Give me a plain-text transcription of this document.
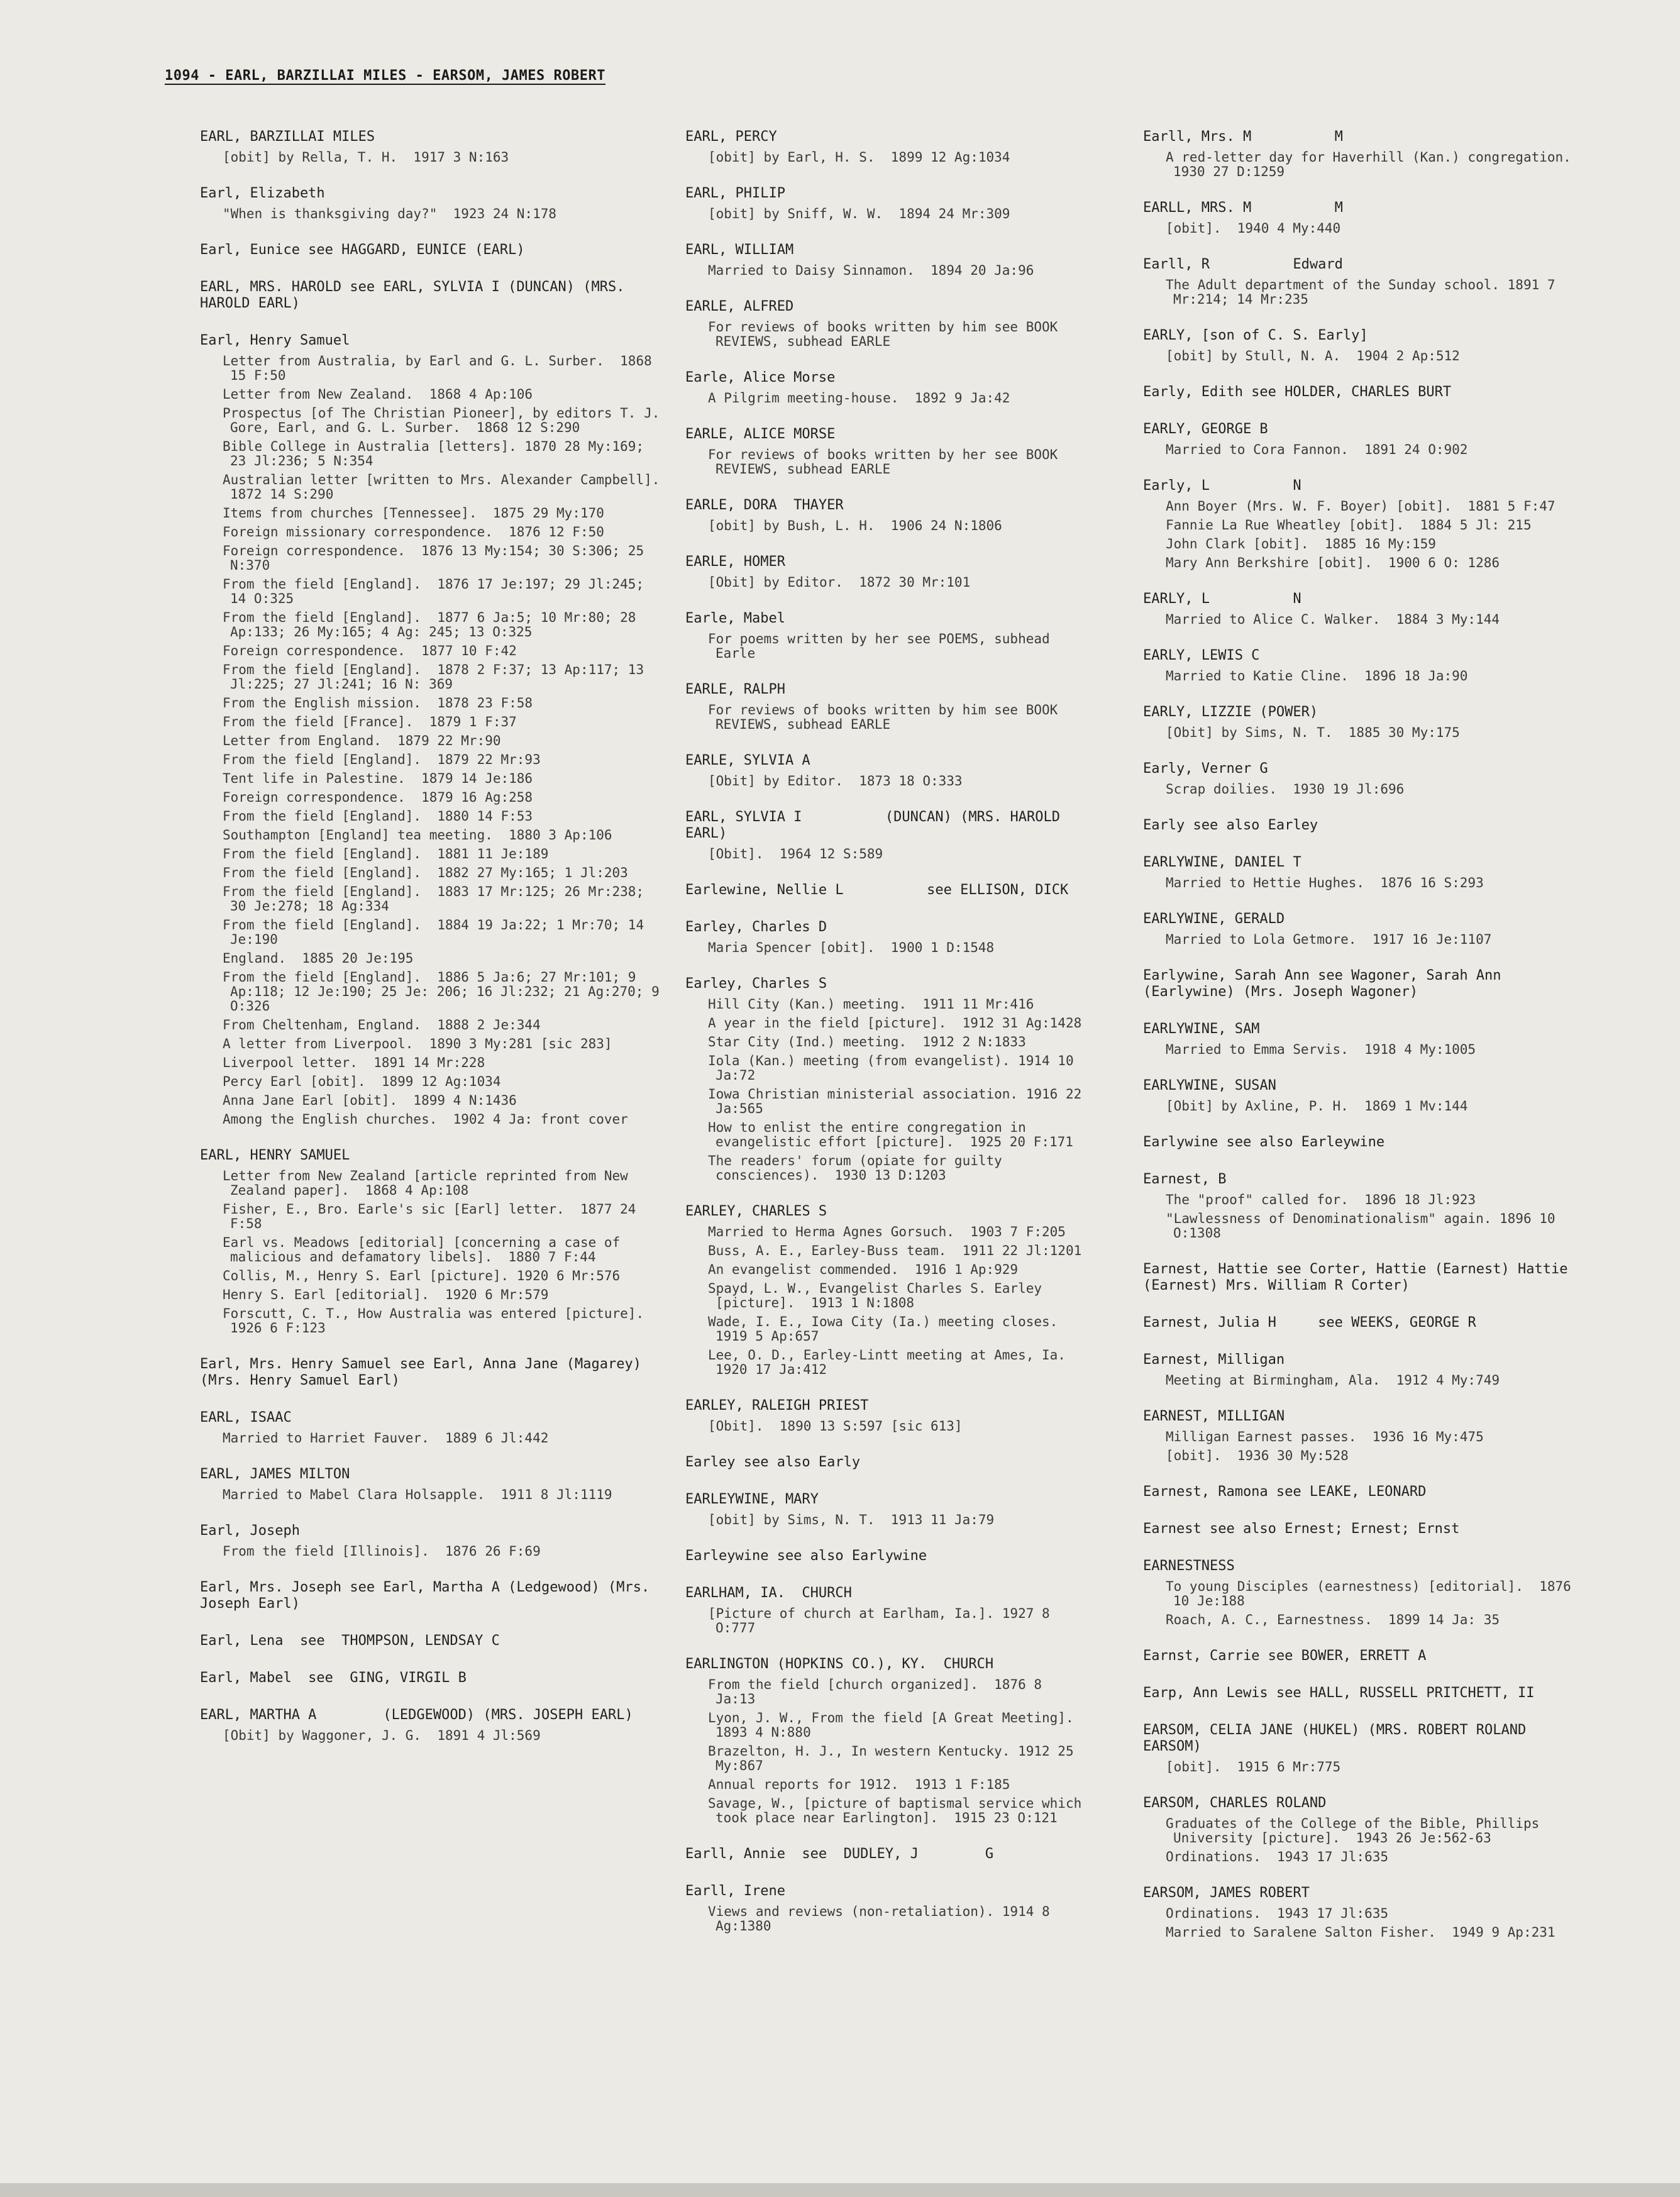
1094 - EARL, BARZILLAI MILES - EARSOM, JAMES ROBERT
EARL, BARZILLAI MILES
[obit] by Rella, T. H.  1917 3 N:163
Earl, Elizabeth
"When is thanksgiving day?"  1923 24 N:178
Earl, Eunice see HAGGARD, EUNICE (EARL)
EARL, MRS. HAROLD see EARL, SYLVIA I (DUNCAN) (MRS. HAROLD EARL)
Earl, Henry Samuel
Letter from Australia, by Earl and G. L. Surber.  1868 15 F:50
Letter from New Zealand.  1868 4 Ap:106
Prospectus [of The Christian Pioneer], by editors T. J. Gore, Earl, and G. L. Surber.  1868 12 S:290
Bible College in Australia [letters]. 1870 28 My:169; 23 Jl:236; 5 N:354
Australian letter [written to Mrs. Alexander Campbell].  1872 14 S:290
Items from churches [Tennessee].  1875 29 My:170
Foreign missionary correspondence.  1876 12 F:50
Foreign correspondence.  1876 13 My:154; 30 S:306; 25 N:370
From the field [England].  1876 17 Je:197; 29 Jl:245; 14 O:325
From the field [England].  1877 6 Ja:5; 10 Mr:80; 28 Ap:133; 26 My:165; 4 Ag: 245; 13 O:325
Foreign correspondence.  1877 10 F:42
From the field [England].  1878 2 F:37; 13 Ap:117; 13 Jl:225; 27 Jl:241; 16 N: 369
From the English mission.  1878 23 F:58
From the field [France].  1879 1 F:37
Letter from England.  1879 22 Mr:90
From the field [England].  1879 22 Mr:93
Tent life in Palestine.  1879 14 Je:186
Foreign correspondence.  1879 16 Ag:258
From the field [England].  1880 14 F:53
Southampton [England] tea meeting.  1880 3 Ap:106
From the field [England].  1881 11 Je:189
From the field [England].  1882 27 My:165; 1 Jl:203
From the field [England].  1883 17 Mr:125; 26 Mr:238; 30 Je:278; 18 Ag:334
From the field [England].  1884 19 Ja:22; 1 Mr:70; 14 Je:190
England.  1885 20 Je:195
From the field [England].  1886 5 Ja:6; 27 Mr:101; 9 Ap:118; 12 Je:190; 25 Je: 206; 16 Jl:232; 21 Ag:270; 9 O:326
From Cheltenham, England.  1888 2 Je:344
A letter from Liverpool.  1890 3 My:281 [sic 283]
Liverpool letter.  1891 14 Mr:228
Percy Earl [obit].  1899 12 Ag:1034
Anna Jane Earl [obit].  1899 4 N:1436
Among the English churches.  1902 4 Ja: front cover
EARL, HENRY SAMUEL
Letter from New Zealand [article reprinted from New Zealand paper].  1868 4 Ap:108
Fisher, E., Bro. Earle's sic [Earl] letter.  1877 24 F:58
Earl vs. Meadows [editorial] [concerning a case of malicious and defamatory libels].  1880 7 F:44
Collis, M., Henry S. Earl [picture]. 1920 6 Mr:576
Henry S. Earl [editorial].  1920 6 Mr:579
Forscutt, C. T., How Australia was entered [picture].  1926 6 F:123
Earl, Mrs. Henry Samuel see Earl, Anna Jane (Magarey) (Mrs. Henry Samuel Earl)
EARL, ISAAC
Married to Harriet Fauver.  1889 6 Jl:442
EARL, JAMES MILTON
Married to Mabel Clara Holsapple.  1911 8 Jl:1119
Earl, Joseph
From the field [Illinois].  1876 26 F:69
Earl, Mrs. Joseph see Earl, Martha A (Ledgewood) (Mrs. Joseph Earl)
Earl, Lena  see  THOMPSON, LENDSAY C
Earl, Mabel  see  GING, VIRGIL B
EARL, MARTHA A        (LEDGEWOOD) (MRS. JOSEPH EARL)
[Obit] by Waggoner, J. G.  1891 4 Jl:569
EARL, PERCY
[obit] by Earl, H. S.  1899 12 Ag:1034
EARL, PHILIP
[obit] by Sniff, W. W.  1894 24 Mr:309
EARL, WILLIAM
Married to Daisy Sinnamon.  1894 20 Ja:96
EARLE, ALFRED
For reviews of books written by him see BOOK REVIEWS, subhead EARLE
Earle, Alice Morse
A Pilgrim meeting-house.  1892 9 Ja:42
EARLE, ALICE MORSE
For reviews of books written by her see BOOK REVIEWS, subhead EARLE
EARLE, DORA  THAYER
[obit] by Bush, L. H.  1906 24 N:1806
EARLE, HOMER
[Obit] by Editor.  1872 30 Mr:101
Earle, Mabel
For poems written by her see POEMS, subhead Earle
EARLE, RALPH
For reviews of books written by him see BOOK REVIEWS, subhead EARLE
EARLE, SYLVIA A
[Obit] by Editor.  1873 18 O:333
EARL, SYLVIA I          (DUNCAN) (MRS. HAROLD EARL)
[Obit].  1964 12 S:589
Earlewine, Nellie L          see ELLISON, DICK
Earley, Charles D
Maria Spencer [obit].  1900 1 D:1548
Earley, Charles S
Hill City (Kan.) meeting.  1911 11 Mr:416
A year in the field [picture].  1912 31 Ag:1428
Star City (Ind.) meeting.  1912 2 N:1833
Iola (Kan.) meeting (from evangelist). 1914 10 Ja:72
Iowa Christian ministerial association. 1916 22 Ja:565
How to enlist the entire congregation in evangelistic effort [picture].  1925 20 F:171
The readers' forum (opiate for guilty consciences).  1930 13 D:1203
EARLEY, CHARLES S
Married to Herma Agnes Gorsuch.  1903 7 F:205
Buss, A. E., Earley-Buss team.  1911 22 Jl:1201
An evangelist commended.  1916 1 Ap:929
Spayd, L. W., Evangelist Charles S. Earley [picture].  1913 1 N:1808
Wade, I. E., Iowa City (Ia.) meeting closes.  1919 5 Ap:657
Lee, O. D., Earley-Lintt meeting at Ames, Ia.  1920 17 Ja:412
EARLEY, RALEIGH PRIEST
[Obit].  1890 13 S:597 [sic 613]
Earley see also Early
EARLEYWINE, MARY
[obit] by Sims, N. T.  1913 11 Ja:79
Earleywine see also Earlywine
EARLHAM, IA.  CHURCH
[Picture of church at Earlham, Ia.]. 1927 8 O:777
EARLINGTON (HOPKINS CO.), KY.  CHURCH
From the field [church organized].  1876 8 Ja:13
Lyon, J. W., From the field [A Great Meeting].  1893 4 N:880
Brazelton, H. J., In western Kentucky. 1912 25 My:867
Annual reports for 1912.  1913 1 F:185
Savage, W., [picture of baptismal service which took place near Earlington].  1915 23 O:121
Earll, Annie  see  DUDLEY, J        G
Earll, Irene
Views and reviews (non-retaliation). 1914 8 Ag:1380
Earll, Mrs. M          M
A red-letter day for Haverhill (Kan.) congregation.  1930 27 D:1259
EARLL, MRS. M          M
[obit].  1940 4 My:440
Earll, R          Edward
The Adult department of the Sunday school. 1891 7 Mr:214; 14 Mr:235
EARLY, [son of C. S. Early]
[obit] by Stull, N. A.  1904 2 Ap:512
Early, Edith see HOLDER, CHARLES BURT
EARLY, GEORGE B
Married to Cora Fannon.  1891 24 O:902
Early, L          N
Ann Boyer (Mrs. W. F. Boyer) [obit].  1881 5 F:47
Fannie La Rue Wheatley [obit].  1884 5 Jl: 215
John Clark [obit].  1885 16 My:159
Mary Ann Berkshire [obit].  1900 6 O: 1286
EARLY, L          N
Married to Alice C. Walker.  1884 3 My:144
EARLY, LEWIS C
Married to Katie Cline.  1896 18 Ja:90
EARLY, LIZZIE (POWER)
[Obit] by Sims, N. T.  1885 30 My:175
Early, Verner G
Scrap doilies.  1930 19 Jl:696
Early see also Earley
EARLYWINE, DANIEL T
Married to Hettie Hughes.  1876 16 S:293
EARLYWINE, GERALD
Married to Lola Getmore.  1917 16 Je:1107
Earlywine, Sarah Ann see Wagoner, Sarah Ann (Earlywine) (Mrs. Joseph Wagoner)
EARLYWINE, SAM
Married to Emma Servis.  1918 4 My:1005
EARLYWINE, SUSAN
[Obit] by Axline, P. H.  1869 1 Mv:144
Earlywine see also Earleywine
Earnest, B
The "proof" called for.  1896 18 Jl:923
"Lawlessness of Denominationalism" again. 1896 10 O:1308
Earnest, Hattie see Corter, Hattie (Earnest) Hattie (Earnest) Mrs. William R Corter)
Earnest, Julia H     see WEEKS, GEORGE R
Earnest, Milligan
Meeting at Birmingham, Ala.  1912 4 My:749
EARNEST, MILLIGAN
Milligan Earnest passes.  1936 16 My:475
[obit].  1936 30 My:528
Earnest, Ramona see LEAKE, LEONARD
Earnest see also Ernest; Ernest; Ernst
EARNESTNESS
To young Disciples (earnestness) [editorial].  1876 10 Je:188
Roach, A. C., Earnestness.  1899 14 Ja: 35
Earnst, Carrie see BOWER, ERRETT A
Earp, Ann Lewis see HALL, RUSSELL PRITCHETT, II
EARSOM, CELIA JANE (HUKEL) (MRS. ROBERT ROLAND EARSOM)
[obit].  1915 6 Mr:775
EARSOM, CHARLES ROLAND
Graduates of the College of the Bible, Phillips University [picture].  1943 26 Je:562-63
Ordinations.  1943 17 Jl:635
EARSOM, JAMES ROBERT
Ordinations.  1943 17 Jl:635
Married to Saralene Salton Fisher.  1949 9 Ap:231
